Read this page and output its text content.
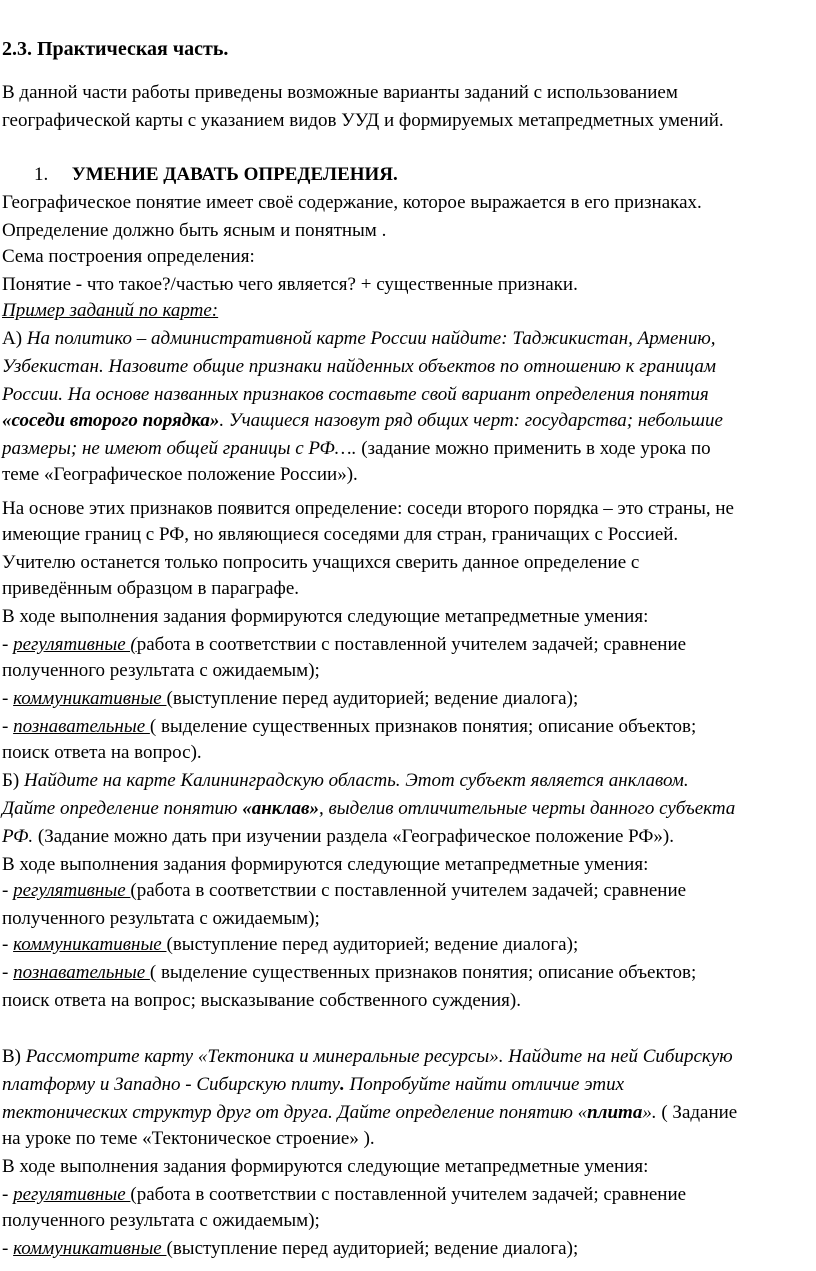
2.3. Практическая часть.
В данной части работы приведены возможные варианты заданий с использованием
географической карты с указанием видов УУД и формируемых метапредметных умений.
1. УМЕНИЕ ДАВАТЬ ОПРЕДЕЛЕНИЯ.
Географическое понятие имеет своё содержание, которое выражается в его признаках.
Определение должно быть ясным и понятным .
Сема построения определения:
Понятие - что такое?/частью чего является? + существенные признаки.
Пример заданий по карте:
А) На политико – административной карте России найдите: Таджикистан, Армению,
Узбекистан. Назовите общие признаки найденных объектов по отношению к границам
России. На основе названных признаков составьте свой вариант определения понятия
«соседи второго порядка». Учащиеся назовут ряд общих черт: государства; небольшие
размеры; не имеют общей границы с РФ…. (задание можно применить в ходе урока по
теме «Географическое положение России»).
На основе этих признаков появится определение: соседи второго порядка – это страны, не
имеющие границ с РФ, но являющиеся соседями для стран, граничащих с Россией.
Учителю останется только попросить учащихся сверить данное определение с
приведённым образцом в параграфе.
В ходе выполнения задания формируются следующие метапредметные умения:
- регулятивные (работа в соответствии с поставленной учителем задачей; сравнение
полученного результата с ожидаемым);
- коммуникативные (выступление перед аудиторией; ведение диалога);
- познавательные ( выделение существенных признаков понятия; описание объектов;
поиск ответа на вопрос).
Б) Найдите на карте Калининградскую область. Этот субъект является анклавом.
Дайте определение понятию «анклав», выделив отличительные черты данного субъекта
РФ. (Задание можно дать при изучении раздела «Географическое положение РФ»).
В ходе выполнения задания формируются следующие метапредметные умения:
- регулятивные (работа в соответствии с поставленной учителем задачей; сравнение
полученного результата с ожидаемым);
- коммуникативные (выступление перед аудиторией; ведение диалога);
- познавательные ( выделение существенных признаков понятия; описание объектов;
поиск ответа на вопрос; высказывание собственного суждения).
В) Рассмотрите карту «Тектоника и минеральные ресурсы». Найдите на ней Сибирскую
платформу и Западно - Сибирскую плиту. Попробуйте найти отличие этих
тектонических структур друг от друга. Дайте определение понятию «плита». ( Задание
на уроке по теме «Тектоническое строение» ).
В ходе выполнения задания формируются следующие метапредметные умения:
- регулятивные (работа в соответствии с поставленной учителем задачей; сравнение
полученного результата с ожидаемым);
- коммуникативные (выступление перед аудиторией; ведение диалога);
